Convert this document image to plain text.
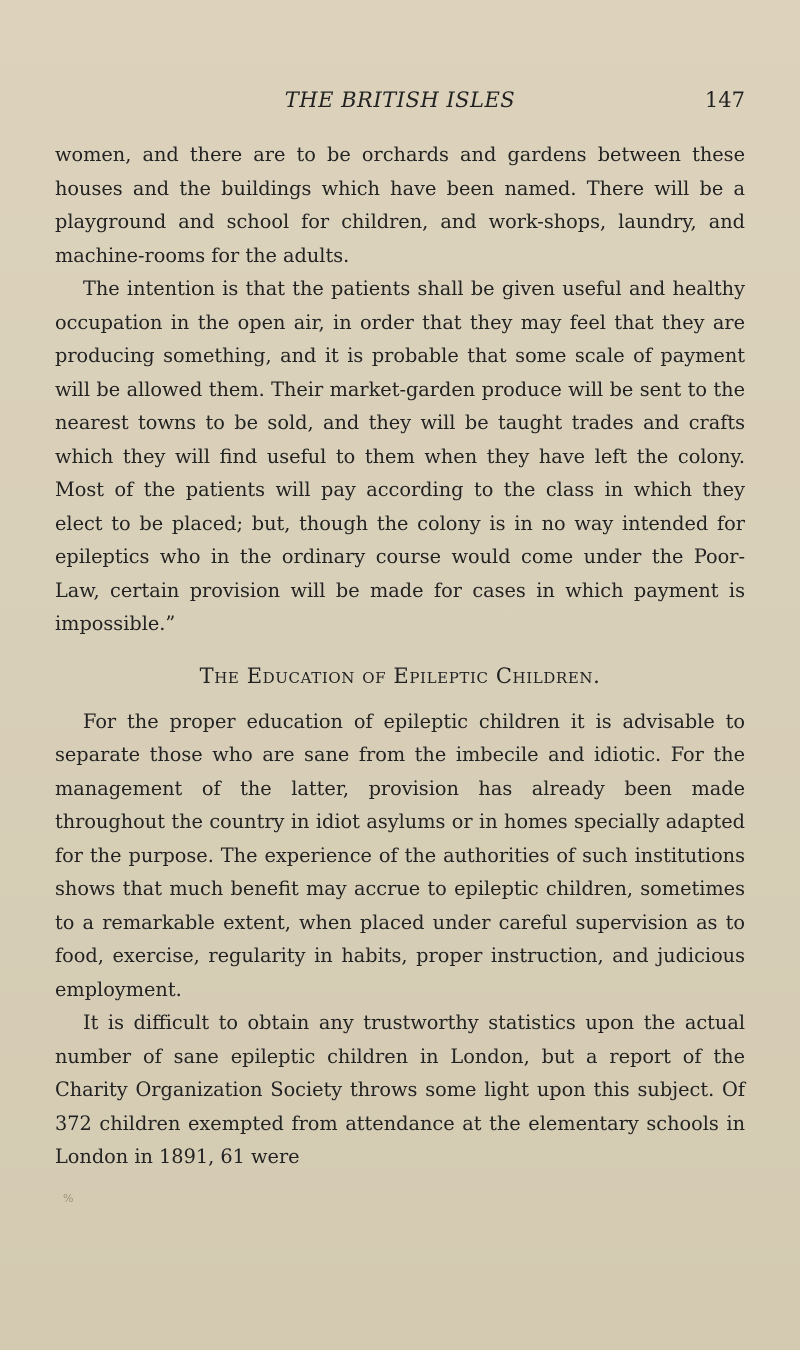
THE BRITISH ISLES	147

women, and there are to be orchards and gardens between these houses and the buildings which have been named. There will be a playground and school for children, and work-shops, laundry, and machine-rooms for the adults.

The intention is that the patients shall be given useful and healthy occupation in the open air, in order that they may feel that they are producing something, and it is probable that some scale of payment will be allowed them. Their market-garden produce will be sent to the nearest towns to be sold, and they will be taught trades and crafts which they will find useful to them when they have left the colony. Most of the patients will pay according to the class in which they elect to be placed; but, though the colony is in no way intended for epileptics who in the ordinary course would come under the Poor-Law, certain provision will be made for cases in which payment is impossible.”

The Education of Epileptic Children.

For the proper education of epileptic children it is advisable to separate those who are sane from the imbecile and idiotic. For the management of the latter, provision has already been made throughout the country in idiot asylums or in homes specially adapted for the purpose. The experience of the authorities of such institutions shows that much benefit may accrue to epileptic children, sometimes to a remarkable extent, when placed under careful supervision as to food, exercise, regularity in habits, proper instruction, and judicious employment.

It is difficult to obtain any trustworthy statistics upon the actual number of sane epileptic children in London, but a report of the Charity Organization Society throws some light upon this subject. Of 372 children exempted from attendance at the elementary schools in London in 1891, 61 were

%
